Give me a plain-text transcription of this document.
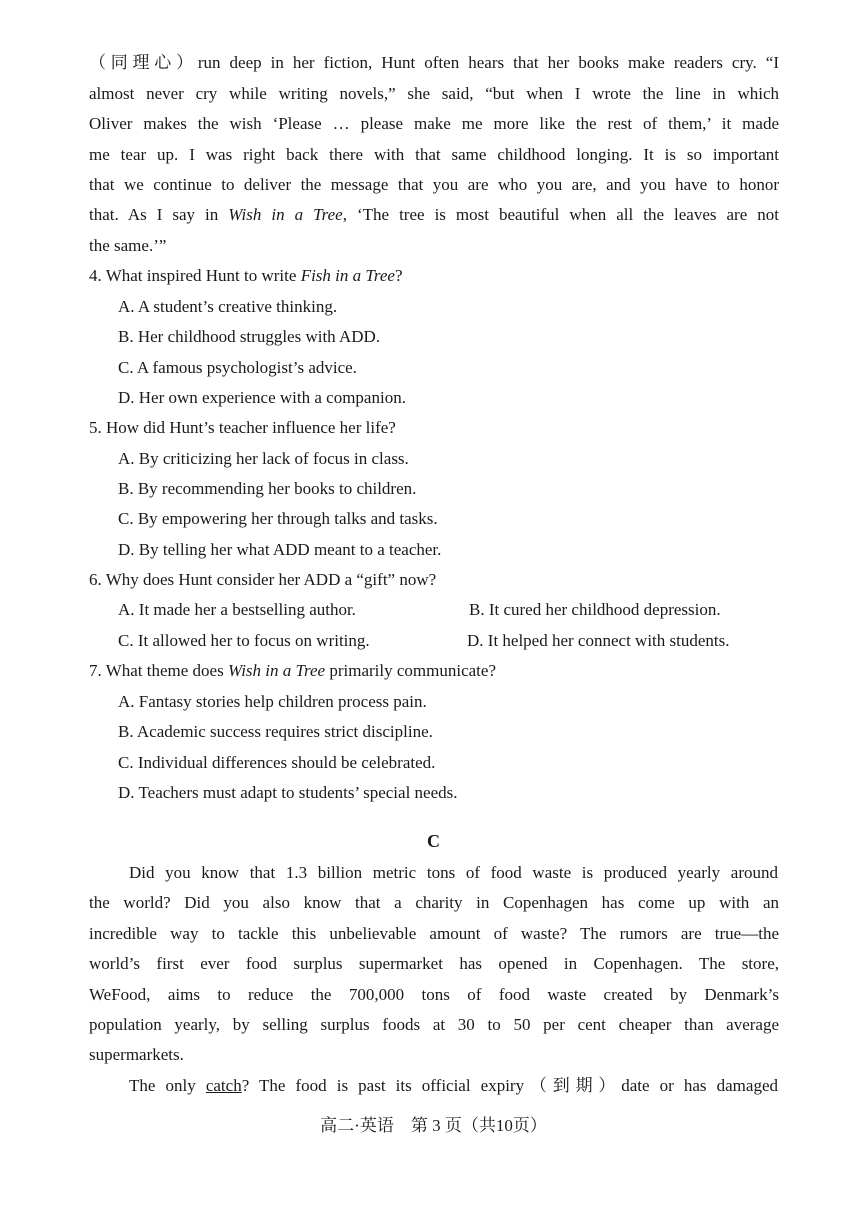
（同理心）run deep in her fiction, Hunt often hears that her books make readers cry. “I
almost never cry while writing novels,” she said, “but when I wrote the line in which
Oliver makes the wish ‘Please … please make me more like the rest of them,’ it made
me tear up. I was right back there with that same childhood longing. It is so important
that we continue to deliver the message that you are who you are, and you have to honor
that. As I say in Wish in a Tree, ‘The tree is most beautiful when all the leaves are not
the same.’”
4. What inspired Hunt to write Fish in a Tree?
A. A student’s creative thinking.
B. Her childhood struggles with ADD.
C. A famous psychologist’s advice.
D. Her own experience with a companion.
5. How did Hunt’s teacher influence her life?
A. By criticizing her lack of focus in class.
B. By recommending her books to children.
C. By empowering her through talks and tasks.
D. By telling her what ADD meant to a teacher.
6. Why does Hunt consider her ADD a “gift” now?
A. It made her a bestselling author.	B. It cured her childhood depression.
C. It allowed her to focus on writing.	D. It helped her connect with students.
7. What theme does Wish in a Tree primarily communicate?
A. Fantasy stories help children process pain.
B. Academic success requires strict discipline.
C. Individual differences should be celebrated.
D. Teachers must adapt to students’ special needs.
C
Did you know that 1.3 billion metric tons of food waste is produced yearly around
the world? Did you also know that a charity in Copenhagen has come up with an
incredible way to tackle this unbelievable amount of waste? The rumors are true—the
world’s first ever food surplus supermarket has opened in Copenhagen. The store,
WeFood, aims to reduce the 700,000 tons of food waste created by Denmark’s
population yearly, by selling surplus foods at 30 to 50 per cent cheaper than average
supermarkets.
The only catch? The food is past its official expiry（到期）date or has damaged
高二·英语　第 3 页（共10页）
